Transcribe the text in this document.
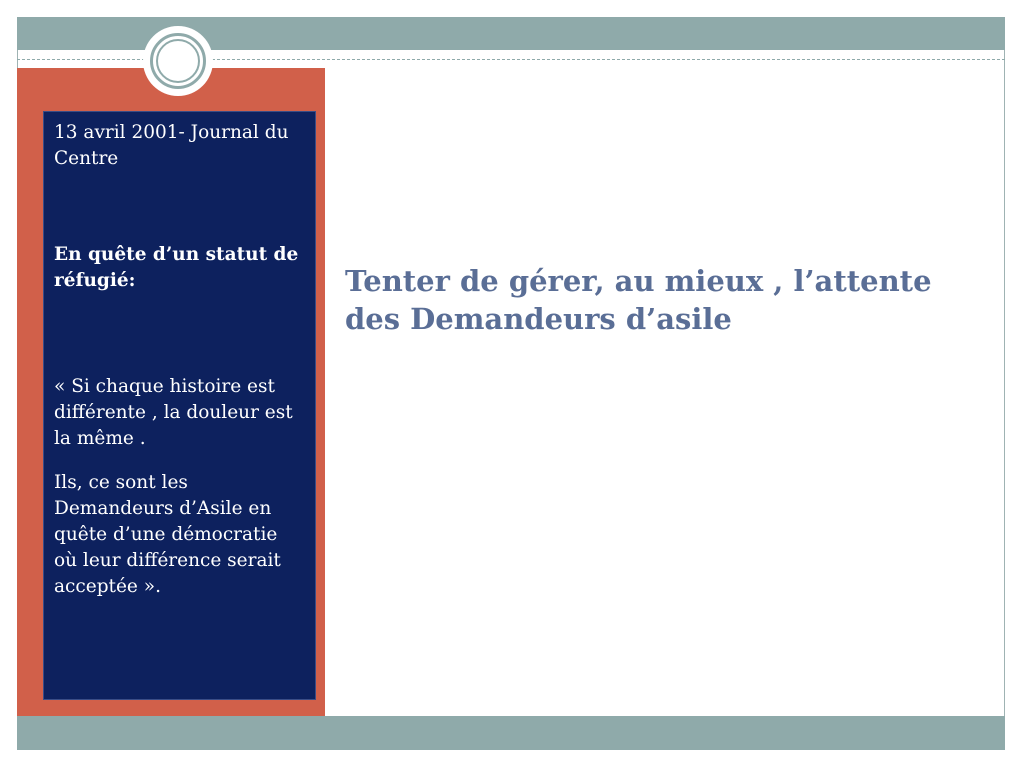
13 avril 2001- Journal du Centre

En quête d’un statut de réfugié:

« Si chaque histoire est différente , la douleur est la même .

Ils, ce sont les Demandeurs d’Asile en quête d’une démocratie où leur différence serait acceptée ».

Tenter de gérer, au mieux , l’attente des Demandeurs d’asile
